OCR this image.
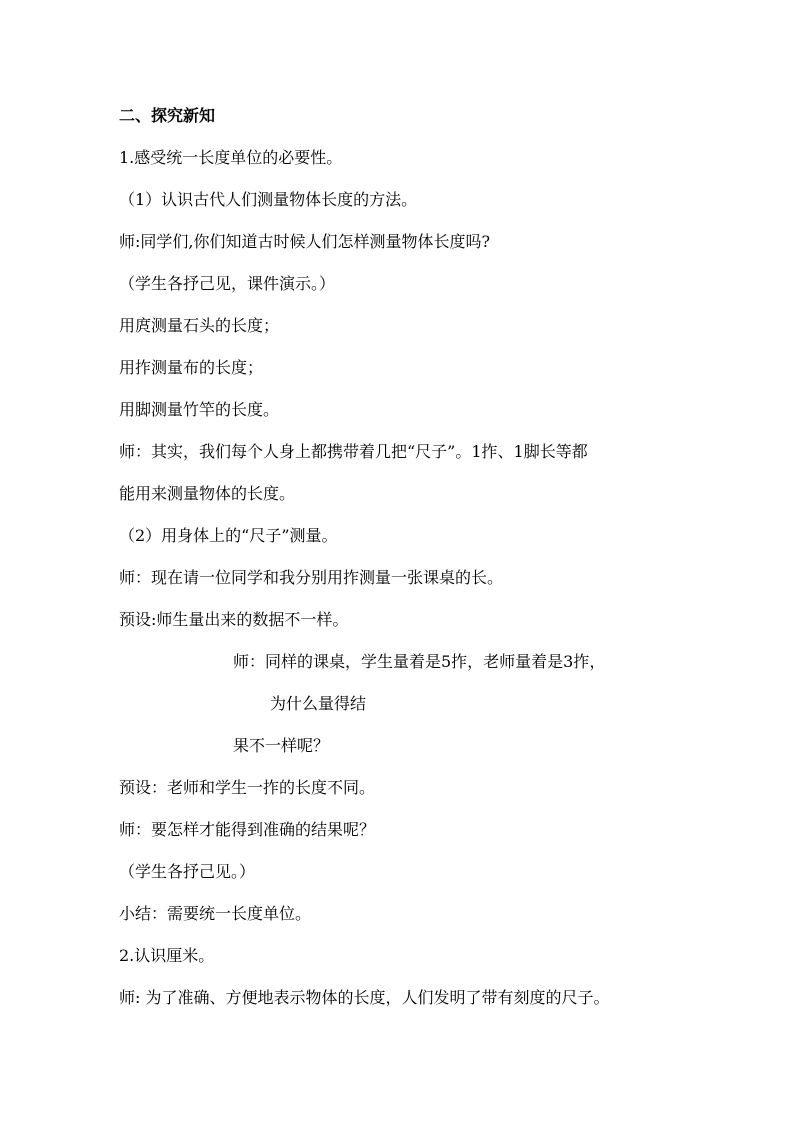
二、探究新知
1.感受统一长度单位的必要性。
（1）认识古代人们测量物体长度的方法。
师:同学们,你们知道古时候人们怎样测量物体长度吗?
（学生各抒己见，课件演示。）
用庹测量石头的长度；
用拃测量布的长度；
用脚测量竹竿的长度。
师：其实，我们每个人身上都携带着几把“尺子”。1拃、1脚长等都
能用来测量物体的长度。
（2）用身体上的“尺子”测量。
师：现在请一位同学和我分别用拃测量一张课桌的长。
预设:师生量出来的数据不一样。
师：同样的课桌，学生量着是5拃，老师量着是3拃，
为什么量得结
果不一样呢？
预设：老师和学生一拃的长度不同。
师：要怎样才能得到准确的结果呢？
（学生各抒己见。）
小结：需要统一长度单位。
2.认识厘米。
师: 为了准确、方便地表示物体的长度，人们发明了带有刻度的尺子。
